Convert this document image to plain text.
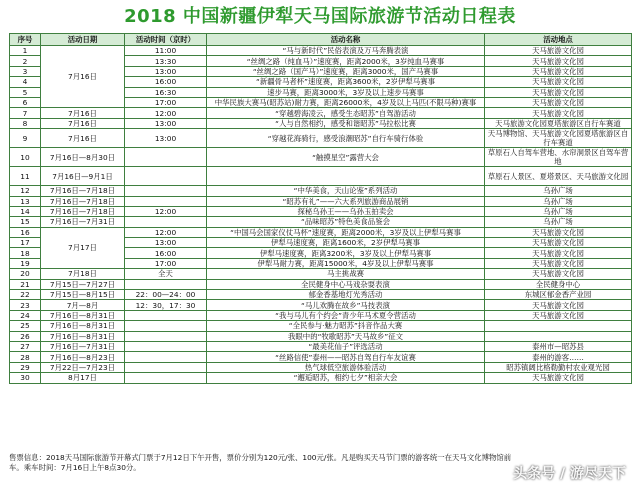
2018 中国新疆伊犁天马国际旅游节活动日程表
序号	活动日期	活动时间（京时）	活动名称	活动地点
1	7月16日	11:00	“马与新时代”民俗表演及万马奔腾表演	天马旅游文化园
2		13:30	“丝绸之路（纯血马）”速度赛，距离2000米，3岁纯血马赛事	天马旅游文化园
3		13:00	“丝绸之路（国产马）”速度赛，距离3000米，国产马赛事	天马旅游文化园
4		16:00	“新疆骨马者杯”速度赛，距离3600米，2岁伊犁马赛事	天马旅游文化园
5		16:30	速步马赛，距离3000米，3岁及以上速步马赛事	天马旅游文化园
6		17:00	中华民族大赛马(昭苏站)耐力赛，距离26000米，4岁及以上马匹(不限马种)赛事	天马旅游文化园
7	7月16日	12:00	“穿越碧海凌云，感受生态昭苏”自驾游活动	天马旅游文化园
8	7月16日	13:00	“人与自然相约，感受和谐昭苏”马拉松比赛	天马旅游文化园夏塔旅游区自行车赛道
9	7月16日	13:00	“穿越花海骑行，感受浪潮昭苏”自行车骑行体验	天马博物馆、天马旅游文化园夏塔旅游区自行车赛道
10	7月16日—8月30日		“触摸星空”露营大会	草原石人自驾车营地、水帘洞景区自驾车营地
11	7月16日—9月1日			草原石人景区、夏塔景区、天马旅游文化园
12	7月16日—7月18日		“中华美食，天山论鉴”系列活动	乌孙广场
13	7月16日—7月18日		“昭苏有礼”——六大系列旅游商品展销	乌孙广场
14	7月16日—7月18日	12:00	探秘乌孙王——乌孙玉拍卖会	乌孙广场
15	7月16日—7月31日		“品味昭苏”特色美食品鉴会	乌孙广场
16	7月17日	12:00	“中国马会国家仪仗马杯”速度赛，距离2000米，3岁及以上伊犁马赛事	天马旅游文化园
17		13:00	伊犁马速度赛，距离1600米，2岁伊犁马赛事	天马旅游文化园
18		16:00	伊犁马速度赛，距离3200米，3岁及以上伊犁马赛事	天马旅游文化园
19		17:00	伊犁马耐力赛，距离15000米，4岁及以上伊犁马赛事	天马旅游文化园
20	7月18日	全天	马主挑战赛	天马旅游文化园
21	7月15日—7月27日		全民健身中心马戏杂耍表演	全民健身中心
22	7月15日—8月15日	22：00—24：00	郁金香基地灯光秀活动	东城区郁金香产业园
23	7月—8月	12：30，17：30	“马儿欢腾在故乡”马技表演	天马旅游文化园
24	7月16日—8月31日		“我与马儿有个约会”青少年马术夏令营活动	天马旅游文化园
25	7月16日—8月31日		“全民参与·魅力昭苏”抖音作品大赛	
26	7月16日—8月31日		我眼中的“牧歌昭苏”天马故乡”征文	
27	7月16日—7月31日		“最美花仙子”评选活动	泰州市—昭苏县
28	7月16日—8月23日		“丝路信使”泰州——昭苏自驾自行车友谊赛	泰州的游客……
29	7月22日—7月23日		热气球低空旅游体验活动	昭苏镇阔比格勒勤村农业观光园
30	8月17日		“邂逅昭苏，相约七夕”相亲大会	天马旅游文化园
售票信息：2018天马国际旅游节开幕式门票于7月12日下午开售，票价分别为120元/张、100元/张。凡是购买天马节门票的游客统一在天马文化博物馆前
车。乘车时间：7月16日上午8点30分。	头条号 / 游尽天下
